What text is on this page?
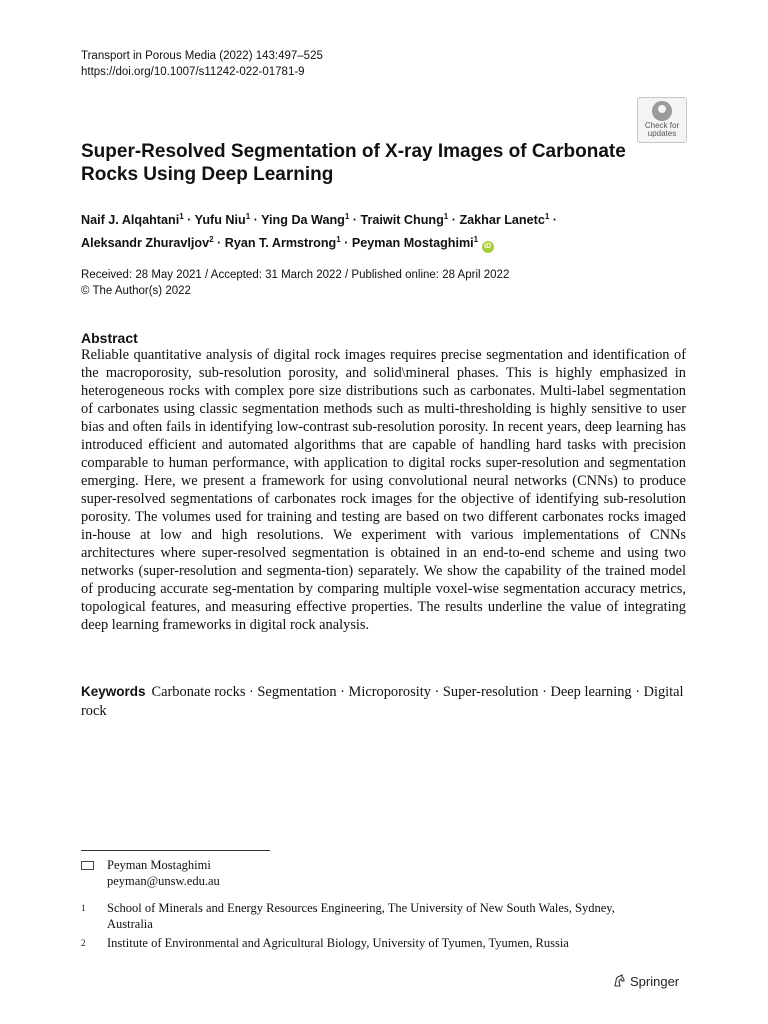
Transport in Porous Media (2022) 143:497–525
https://doi.org/10.1007/s11242-022-01781-9
Check for
updates
Super-Resolved Segmentation of X-ray Images of Carbonate Rocks Using Deep Learning
Naif J. Alqahtani$^1$ · Yufu Niu$^1$ · Ying Da Wang$^1$ · Traiwit Chung$^1$ · Zakhar Lanetc$^1$ ·
Aleksandr Zhuravljov$^2$ · Ryan T. Armstrong$^1$ · Peyman Mostaghimi$^1$ iD
Received: 28 May 2021 / Accepted: 31 March 2022 / Published online: 28 April 2022
© The Author(s) 2022
Abstract
Reliable quantitative analysis of digital rock images requires precise segmentation and identification of the macroporosity, sub-resolution porosity, and solid\mineral phases. This is highly emphasized in heterogeneous rocks with complex pore size distributions such as carbonates. Multi-label segmentation of carbonates using classic segmentation methods such as multi-thresholding is highly sensitive to user bias and often fails in identifying low-contrast sub-resolution porosity. In recent years, deep learning has introduced efficient and automated algorithms that are capable of handling hard tasks with precision comparable to human performance, with application to digital rocks super-resolution and segmentation emerging. Here, we present a framework for using convolutional neural networks (CNNs) to produce super-resolved segmentations of carbonates rock images for the objective of identifying sub-resolution porosity. The volumes used for training and testing are based on two different carbonates rocks imaged in-house at low and high resolutions. We experiment with various implementations of CNNs architectures where super-resolved segmentation is obtained in an end-to-end scheme and using two networks (super-resolution and segmenta-tion) separately. We show the capability of the trained model of producing accurate seg-mentation by comparing multiple voxel-wise segmentation accuracy metrics, topological features, and measuring effective properties. The results underline the value of integrating deep learning frameworks in digital rock analysis.
Keywords Carbonate rocks · Segmentation · Microporosity · Super-resolution · Deep learning · Digital rock
Peyman Mostaghimi
peyman@unsw.edu.au
1 School of Minerals and Energy Resources Engineering, The University of New South Wales, Sydney, Australia
2 Institute of Environmental and Agricultural Biology, University of Tyumen, Tyumen, Russia
Springer
